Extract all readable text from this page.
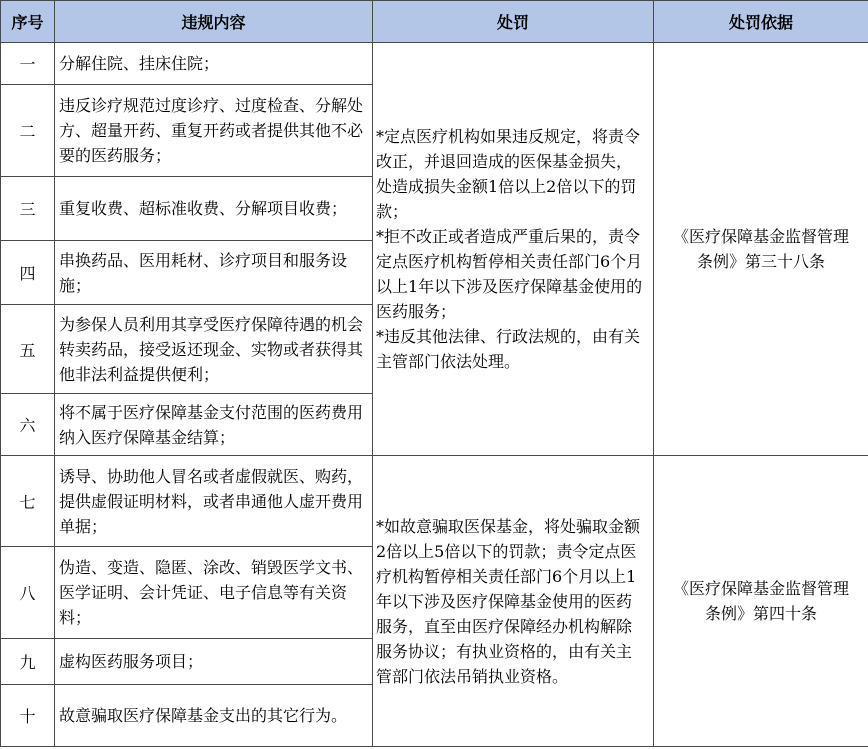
序号	违规内容	处罚	处罚依据
一	分解住院、挂床住院；	*定点医疗机构如果违反规定，将责令改正，并退回造成的医保基金损失，处造成损失金额1倍以上2倍以下的罚款；
*拒不改正或者造成严重后果的，责令定点医疗机构暂停相关责任部门6个月以上1年以下涉及医疗保障基金使用的医药服务；
*违反其他法律、行政法规的，由有关主管部门依法处理。	《医疗保障基金监督管理条例》第三十八条
二	违反诊疗规范过度诊疗、过度检查、分解处方、超量开药、重复开药或者提供其他不必要的医药服务；		
三	重复收费、超标准收费、分解项目收费；		
四	串换药品、医用耗材、诊疗项目和服务设施；		
五	为参保人员利用其享受医疗保障待遇的机会转卖药品，接受返还现金、实物或者获得其他非法利益提供便利；		
六	将不属于医疗保障基金支付范围的医药费用纳入医疗保障基金结算；		
七	诱导、协助他人冒名或者虚假就医、购药，提供虚假证明材料，或者串通他人虚开费用单据；	*如故意骗取医保基金，将处骗取金额2倍以上5倍以下的罚款；责令定点医疗机构暂停相关责任部门6个月以上1年以下涉及医疗保障基金使用的医药服务，直至由医疗保障经办机构解除服务协议；有执业资格的，由有关主管部门依法吊销执业资格。	《医疗保障基金监督管理条例》第四十条
八	伪造、变造、隐匿、涂改、销毁医学文书、医学证明、会计凭证、电子信息等有关资料；		
九	虚构医药服务项目；		
十	故意骗取医疗保障基金支出的其它行为。		
